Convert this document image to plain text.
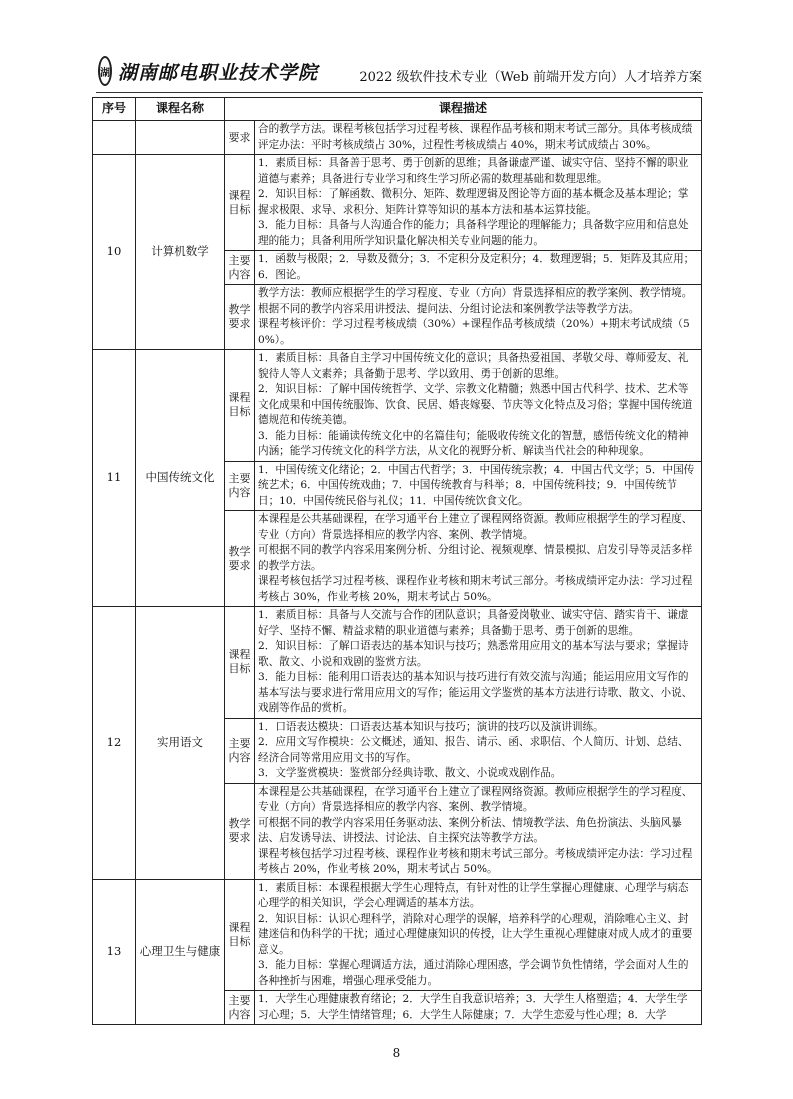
湖 湖南邮电职业技术学院	2022 级软件技术专业（Web 前端开发方向）人才培养方案
序号	课程名称	课程描述	
		要求	合的教学方法。课程考核包括学习过程考核、课程作品考核和期末考试三部分。具体考核成绩评定办法：平时考核成绩占 30%，过程性考核成绩占 40%，期末考试成绩占 30%。

10	计算机数学	课程目标	1．素质目标：具备善于思考、勇于创新的思维；具备谦虚严谨、诚实守信、坚持不懈的职业道德与素养；具备进行专业学习和终生学习所必需的数理基础和数理思维。
2．知识目标：了解函数、微积分、矩阵、数理逻辑及图论等方面的基本概念及基本理论；掌握求极限、求导、求积分、矩阵计算等知识的基本方法和基本运算技能。
3．能力目标：具备与人沟通合作的能力；具备科学理论的理解能力；具备数字应用和信息处理的能力；具备利用所学知识量化解决相关专业问题的能力。

		主要内容	1．函数与极限；2．导数及微分；3．不定积分及定积分；4．数理逻辑；5．矩阵及其应用；6．图论。

		教学要求	教学方法：教师应根据学生的学习程度、专业（方向）背景选择相应的教学案例、教学情境。根据不同的教学内容采用讲授法、提问法、分组讨论法和案例教学法等教学方法。
课程考核评价：学习过程考核成绩（30%）+课程作品考核成绩（20%）+期末考试成绩（50%）。

11	中国传统文化	课程目标	1．素质目标：具备自主学习中国传统文化的意识；具备热爱祖国、孝敬父母、尊师爱友、礼貌待人等人文素养；具备勤于思考、学以致用、勇于创新的思维。
2．知识目标：了解中国传统哲学、文学、宗教文化精髓；熟悉中国古代科学、技术、艺术等文化成果和中国传统服饰、饮食、民居、婚丧嫁娶、节庆等文化特点及习俗；掌握中国传统道德规范和传统美德。
3．能力目标：能诵读传统文化中的名篇佳句；能吸收传统文化的智慧，感悟传统文化的精神内涵；能学习传统文化的科学方法，从文化的视野分析、解读当代社会的种种现象。

		主要内容	1．中国传统文化绪论；2．中国古代哲学；3．中国传统宗教；4．中国古代文学；5．中国传统艺术；6．中国传统戏曲；7．中国传统教育与科举；8．中国传统科技；9．中国传统节日；10．中国传统民俗与礼仪；11．中国传统饮食文化。

		教学要求	本课程是公共基础课程，在学习通平台上建立了课程网络资源。教师应根据学生的学习程度、专业（方向）背景选择相应的教学内容、案例、教学情境。
可根据不同的教学内容采用案例分析、分组讨论、视频观摩、情景模拟、启发引导等灵活多样的教学方法。
课程考核包括学习过程考核、课程作业考核和期末考试三部分。考核成绩评定办法：学习过程考核占 30%，作业考核 20%，期末考试占 50%。

12	实用语文	课程目标	1．素质目标：具备与人交流与合作的团队意识；具备爱岗敬业、诚实守信、踏实肯干、谦虚好学、坚持不懈、精益求精的职业道德与素养；具备勤于思考、勇于创新的思维。
2．知识目标：了解口语表达的基本知识与技巧；熟悉常用应用文的基本写法与要求；掌握诗歌、散文、小说和戏剧的鉴赏方法。
3．能力目标：能利用口语表达的基本知识与技巧进行有效交流与沟通；能运用应用文写作的基本写法与要求进行常用应用文的写作；能运用文学鉴赏的基本方法进行诗歌、散文、小说、戏剧等作品的赏析。

		主要内容	1．口语表达模块：口语表达基本知识与技巧；演讲的技巧以及演讲训练。
2．应用文写作模块：公文概述，通知、报告、请示、函、求职信、个人简历、计划、总结、经济合同等常用应用文书的写作。
3．文学鉴赏模块：鉴赏部分经典诗歌、散文、小说或戏剧作品。

		教学要求	本课程是公共基础课程，在学习通平台上建立了课程网络资源。教师应根据学生的学习程度、专业（方向）背景选择相应的教学内容、案例、教学情境。
可根据不同的教学内容采用任务驱动法、案例分析法、情境教学法、角色扮演法、头脑风暴法、启发诱导法、讲授法、讨论法、自主探究法等教学方法。
课程考核包括学习过程考核、课程作业考核和期末考试三部分。考核成绩评定办法：学习过程考核占 20%，作业考核 20%，期末考试占 50%。

13	心理卫生与健康	课程目标	1．素质目标：本课程根据大学生心理特点，有针对性的让学生掌握心理健康、心理学与病态心理学的相关知识，学会心理调适的基本方法。
2．知识目标：认识心理科学，消除对心理学的误解，培养科学的心理观，消除唯心主义、封建迷信和伪科学的干扰；通过心理健康知识的传授，让大学生重视心理健康对成人成才的重要意义。
3．能力目标：掌握心理调适方法，通过消除心理困惑，学会调节负性情绪，学会面对人生的各种挫折与困难，增强心理承受能力。

		主要内容	1．大学生心理健康教育绪论；2．大学生自我意识培养；3．大学生人格塑造；4．大学生学习心理；5．大学生情绪管理；6．大学生人际健康；7．大学生恋爱与性心理；8．大学
8
